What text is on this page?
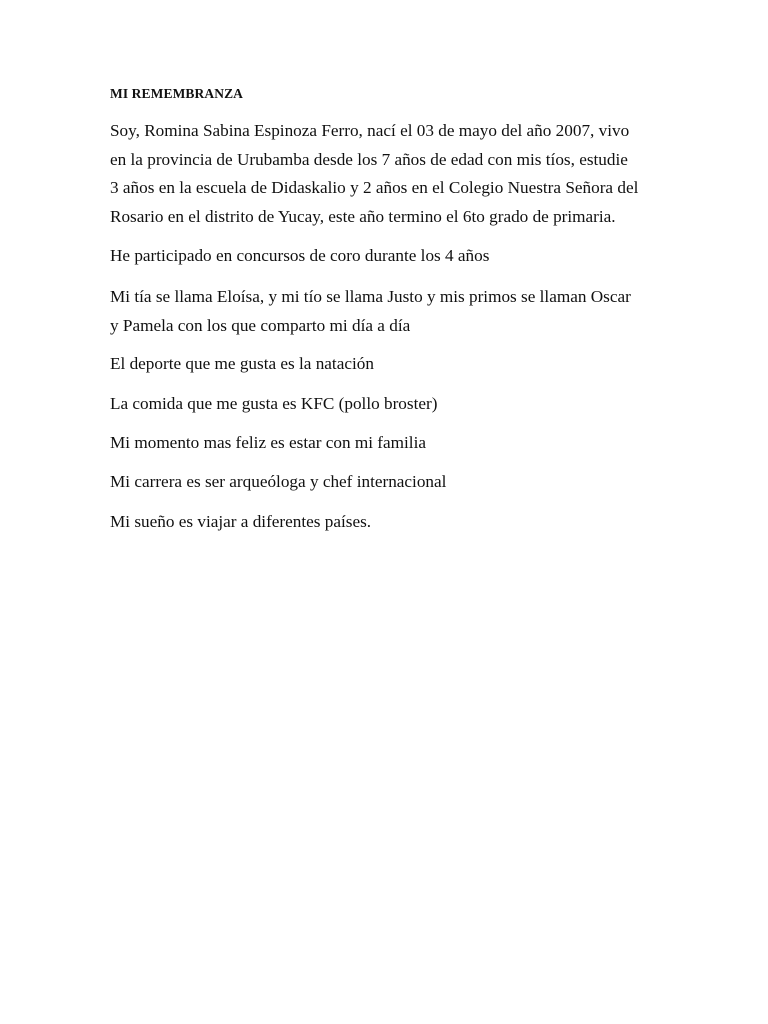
MI REMEMBRANZA

Soy, Romina Sabina Espinoza Ferro, nací el 03 de mayo del año 2007, vivo
en la provincia de Urubamba desde los 7 años de edad con mis tíos, estudie
3 años en la escuela de Didaskalio y 2 años en el Colegio Nuestra Señora del
Rosario en el distrito de Yucay, este año termino el 6to grado de primaria.

He participado en concursos de coro durante los 4 años

Mi tía se llama Eloísa, y mi tío se llama Justo y mis primos se llaman Oscar
y Pamela con los que comparto mi día a día

El deporte que me gusta es la natación

La comida que me gusta es KFC (pollo broster)

Mi momento mas feliz es estar con mi familia

Mi carrera es ser arqueóloga y chef internacional

Mi sueño es viajar a diferentes países.
